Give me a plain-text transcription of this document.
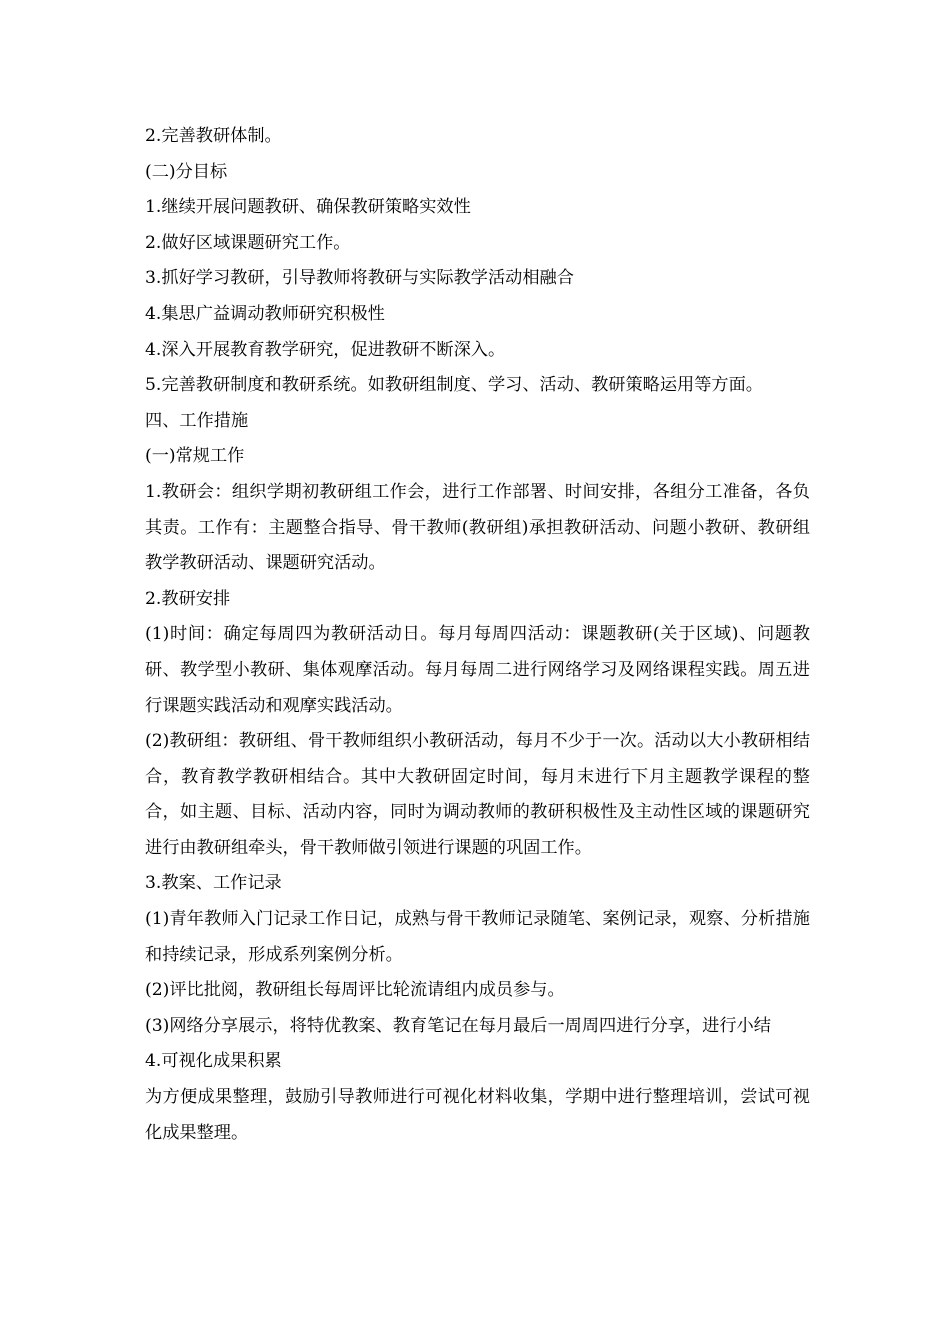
2.完善教研体制。

(二)分目标

1.继续开展问题教研、确保教研策略实效性

2.做好区域课题研究工作。

3.抓好学习教研，引导教师将教研与实际教学活动相融合

4.集思广益调动教师研究积极性

4.深入开展教育教学研究，促进教研不断深入。

5.完善教研制度和教研系统。如教研组制度、学习、活动、教研策略运用等方面。

四、工作措施

(一)常规工作

1.教研会：组织学期初教研组工作会，进行工作部署、时间安排，各组分工准备，各负其责。工作有：主题整合指导、骨干教师(教研组)承担教研活动、问题小教研、教研组教学教研活动、课题研究活动。

2.教研安排

(1)时间：确定每周四为教研活动日。每月每周四活动：课题教研(关于区域)、问题教研、教学型小教研、集体观摩活动。每月每周二进行网络学习及网络课程实践。周五进行课题实践活动和观摩实践活动。

(2)教研组：教研组、骨干教师组织小教研活动，每月不少于一次。活动以大小教研相结合，教育教学教研相结合。其中大教研固定时间，每月末进行下月主题教学课程的整合，如主题、目标、活动内容，同时为调动教师的教研积极性及主动性区域的课题研究进行由教研组牵头，骨干教师做引领进行课题的巩固工作。

3.教案、工作记录

(1)青年教师入门记录工作日记，成熟与骨干教师记录随笔、案例记录，观察、分析措施和持续记录，形成系列案例分析。

(2)评比批阅，教研组长每周评比轮流请组内成员参与。

(3)网络分享展示，将特优教案、教育笔记在每月最后一周周四进行分享，进行小结

4.可视化成果积累

为方便成果整理，鼓励引导教师进行可视化材料收集，学期中进行整理培训，尝试可视化成果整理。
